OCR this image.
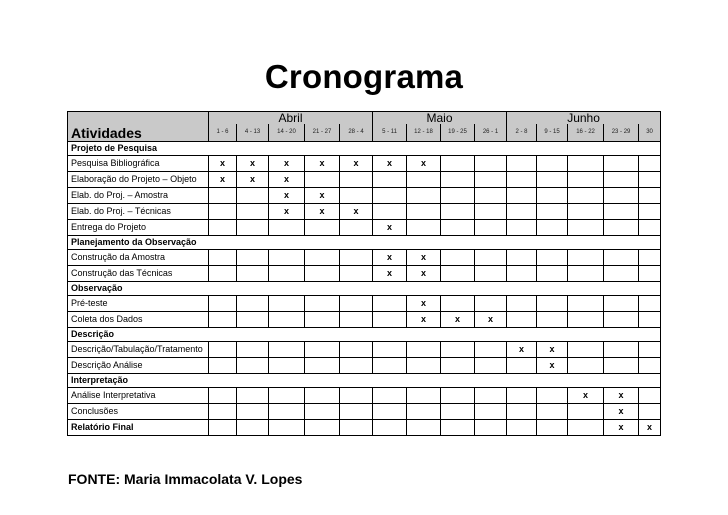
Cronograma
	Abril					Maio				Junho				
Atividades	1 - 6	4 - 13	14 - 20	21 - 27	28 - 4	5 - 11	12 - 18	19 - 25	26 - 1	2 - 8	9 - 15	16 - 22	23 - 29	30
Projeto de Pesquisa														
Pesquisa Bibliográfica	x	x	x	x	x	x	x							
Elaboração do Projeto – Objeto	x	x	x											
Elab. do Proj. – Amostra			x	x										
Elab. do Proj. – Técnicas			x	x	x									
Entrega do Projeto						x								
Planejamento da Observação														
Construção da Amostra						x	x							
Construção das Técnicas						x	x							
Observação														
Pré-teste							x							
Coleta dos Dados							x	x	x					
Descrição														
Descrição/Tabulação/Tratamento										x	x			
Descrição Análise											x			
Interpretação														
Análise Interpretativa												x	x	
Conclusões													x	
Relatório Final													x	x
FONTE: Maria Immacolata V. Lopes
